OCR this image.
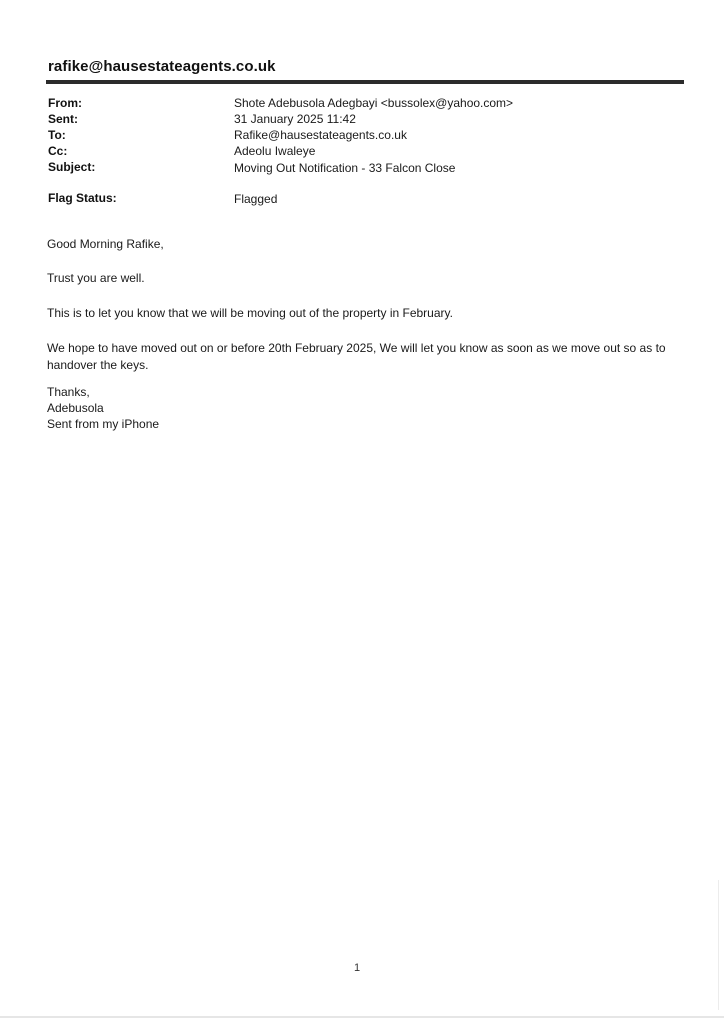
rafike@hausestateagents.co.uk
From:	Shote Adebusola Adegbayi <bussolex@yahoo.com>
Sent:	31 January 2025 11:42
To:	Rafike@hausestateagents.co.uk
Cc:	Adeolu Iwaleye
Subject:	Moving Out Notification - 33 Falcon Close
Flag Status:	Flagged
Good Morning Rafike,
Trust you are well.
This is to let you know that we will be moving out of the property in February.
We hope to have moved out on or before 20th February 2025, We will let you know as soon as we move out so as to handover the keys.
Thanks,
Adebusola
Sent from my iPhone
1
